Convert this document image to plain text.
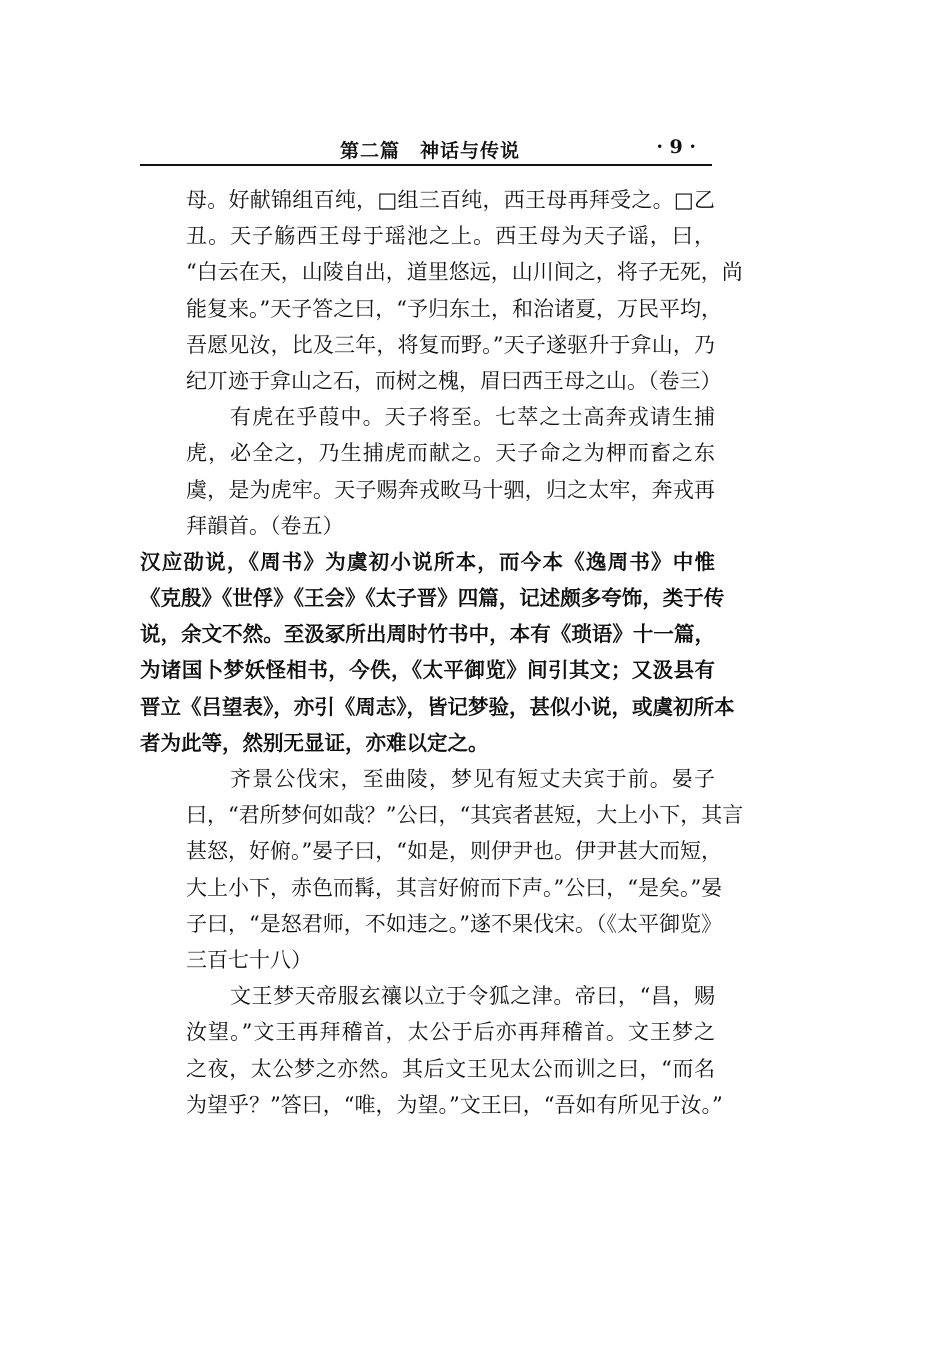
第二篇　神话与传说	· 9 ·
母。好献锦组百纯，□组三百纯，西王母再拜受之。□乙
丑。天子觞西王母于瑶池之上。西王母为天子谣，曰，
“白云在天，山陵自出，道里悠远，山川间之，将子无死，尚
能复来。”天子答之曰，“予归东土，和治诸夏，万民平均，
吾愿见汝，比及三年，将复而野。”天子遂驱升于弇山，乃
纪丌迹于弇山之石，而树之槐，眉曰西王母之山。（卷三）
有虎在乎葭中。天子将至。七萃之士高奔戎请生捕
虎，必全之，乃生捕虎而献之。天子命之为柙而畜之东
虞，是为虎牢。天子赐奔戎畋马十驷，归之太牢，奔戎再
拜韻首。（卷五）
汉应劭说，《周书》为虞初小说所本，而今本《逸周书》中惟
《克殷》《世俘》《王会》《太子晋》四篇，记述颇多夸饰，类于传
说，余文不然。至汲冢所出周时竹书中，本有《琐语》十一篇，
为诸国卜梦妖怪相书，今佚，《太平御览》间引其文；又汲县有
晋立《吕望表》，亦引《周志》，皆记梦验，甚似小说，或虞初所本
者为此等，然别无显证，亦难以定之。
齐景公伐宋，至曲陵，梦见有短丈夫宾于前。晏子
曰，“君所梦何如哉？”公曰，“其宾者甚短，大上小下，其言
甚怒，好俯。”晏子曰，“如是，则伊尹也。伊尹甚大而短，
大上小下，赤色而髯，其言好俯而下声。”公曰，“是矣。”晏
子曰，“是怒君师，不如违之。”遂不果伐宋。（《太平御览》
三百七十八）
文王梦天帝服玄禳以立于令狐之津。帝曰，“昌，赐
汝望。”文王再拜稽首，太公于后亦再拜稽首。文王梦之
之夜，太公梦之亦然。其后文王见太公而训之曰，“而名
为望乎？”答曰，“唯，为望。”文王曰，“吾如有所见于汝。”
